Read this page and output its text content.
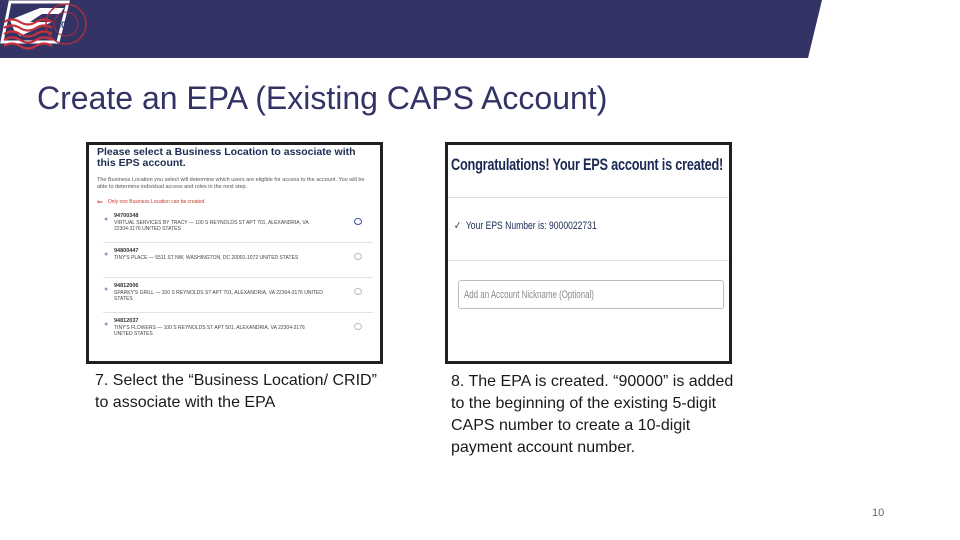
2017
Create an EPA (Existing CAPS Account)
Please select a Business Location to associate with this EPS account.
The Business Location you select will determine which users are eligible for access to the account. You will be able to determine individual access and roles in the next step.
⇐ Only one Business Location can be created.
● 94700348
VIRTUAL SERVICES BY TRACY — 100 S REYNOLDS ST APT 701, ALEXANDRIA, VA 22304-3176 UNITED STATES
● 94800447
TINY'S PLACE — 5511 ST NW, WASHINGTON, DC 20001-1072 UNITED STATES
● 94812006
SPARKY'S GRILL — 100 S REYNOLDS ST APT 701, ALEXANDRIA, VA 22304-3176 UNITED STATES
● 94812037
TINY'S FLOWERS — 100 S REYNOLDS ST APT 501, ALEXANDRIA, VA 22304-3176 UNITED STATES

7. Select the “Business Location/ CRID” to associate with the EPA

Congratulations! Your EPS account is created!
✓ Your EPS Number is: 9000022731
Add an Account Nickname (Optional)

8. The EPA is created. “90000” is added to the beginning of the existing 5-digit CAPS number to create a 10-digit payment account number.

10
